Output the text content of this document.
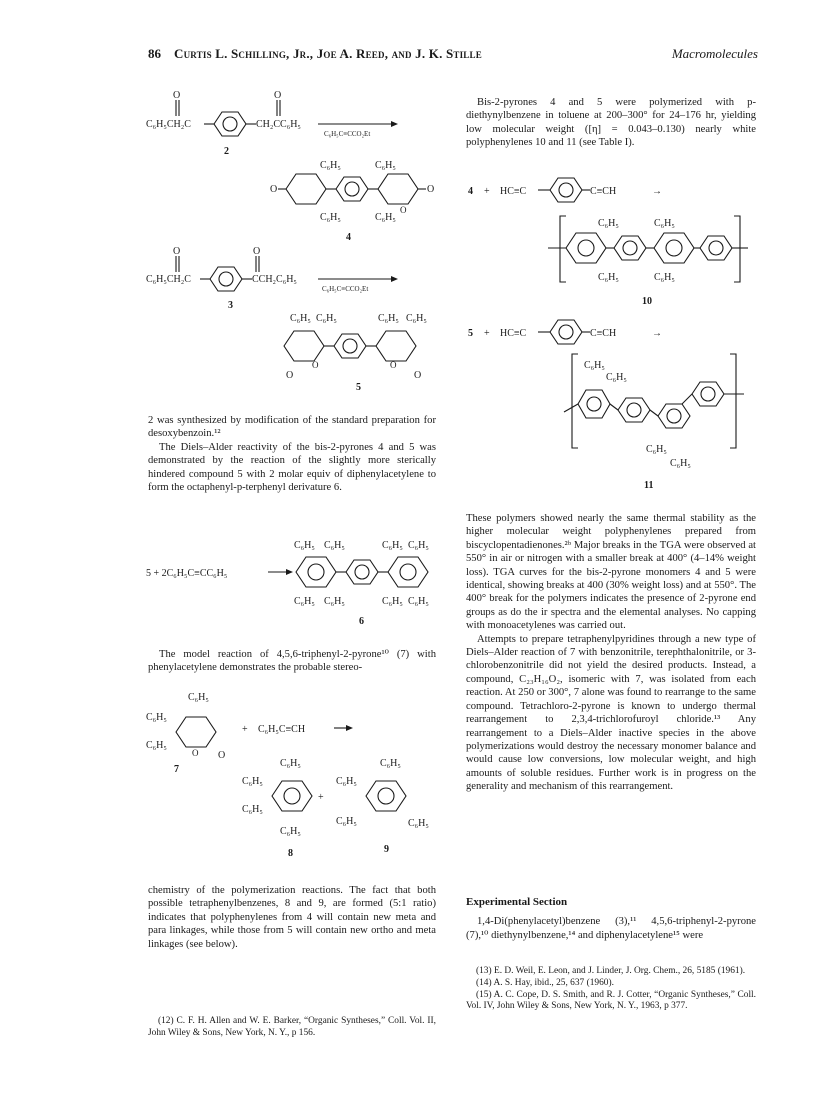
86 Curtis L. Schilling, Jr., Joe A. Reed, and J. K. Stille	Macromolecules
C₆H₅CH₂C
O
CH₂CC₆H₅
O
2
C₆H₅C≡CCO₂Et
C₆H₅	C₆H₅
O	O
O
C₆H₅	C₆H₅
4
C₆H₅CH₂C
O
CCH₂C₆H₅
O
3
C₆H₅C≡CCO₂Et
C₆H₅ C₆H₅	C₆H₅ C₆H₅
O	O
O	O
5

2 was synthesized by modification of the standard preparation for desoxybenzoin.¹²

The Diels–Alder reactivity of the bis-2-pyrones 4 and 5 was demonstrated by the reaction of the slightly more sterically hindered compound 5 with 2 molar equiv of diphenylacetylene to form the octaphenyl-p-terphenyl derivature 6.

5 + 2C₆H₅C≡CC₆H₅
C₆H₅ C₆H₅	C₆H₅ C₆H₅
C₆H₅ C₆H₅	C₆H₅ C₆H₅
6

The model reaction of 4,5,6-triphenyl-2-pyrone¹⁰ (7) with phenylacetylene demonstrates the probable stereo-

C₆H₅
C₆H₅
C₆H₅
O O
7
+ C₆H₅C≡CH
C₆H₅
C₆H₅
C₆H₅
C₆H₅
8
+
C₆H₅
C₆H₅
C₆H₅	C₆H₅
9

chemistry of the polymerization reactions. The fact that both possible tetraphenylbenzenes, 8 and 9, are formed (5:1 ratio) indicates that polyphenylenes from 4 will contain new meta and para linkages, while those from 5 will contain new ortho and meta linkages (see below).

(12) C. F. H. Allen and W. E. Barker, “Organic Syntheses,” Coll. Vol. II, John Wiley & Sons, New York, N. Y., p 156.

Bis-2-pyrones 4 and 5 were polymerized with p-diethynylbenzene in toluene at 200–300° for 24–176 hr, yielding low molecular weight ([η] = 0.043–0.130) nearly white polyphenylenes 10 and 11 (see Table I).

4 + HC≡C	C≡CH	→
C₆H₅	C₆H₅
C₆H₅	C₆H₅
10
5 + HC≡C	C≡CH	→
C₆H₅
C₆H₅
C₆H₅
C₆H₅
11

These polymers showed nearly the same thermal stability as the higher molecular weight polyphenylenes prepared from biscyclopentadienones.²ᵇ Major breaks in the TGA were observed at 550° in air or nitrogen with a smaller break at 400° (4–14% weight loss). TGA curves for the bis-2-pyrone monomers 4 and 5 were identical, showing breaks at 400 (30% weight loss) and at 550°. The 400° break for the polymers indicates the presence of 2-pyrone end groups as do the ir spectra and the elemental analyses. No capping with monoacetylenes was carried out.

Attempts to prepare tetraphenylpyridines through a new type of Diels–Alder reaction of 7 with benzonitrile, terephthalonitrile, or 3-chlorobenzonitrile did not yield the desired products. Instead, a compound, C₂₃H₁₆O₂, isomeric with 7, was isolated from each reaction. At 250 or 300°, 7 alone was found to rearrange to the same compound. Tetrachloro-2-pyrone is known to undergo thermal rearrangement to 2,3,4-trichlorofuroyl chloride.¹³ Any rearrangement to a Diels–Alder inactive species in the above polymerizations would destroy the necessary monomer balance and would cause low conversions, low molecular weight, and high amounts of soluble residues. Further work is in progress on the generality and mechanism of this rearrangement.

Experimental Section

1,4-Di(phenylacetyl)benzene (3),¹¹ 4,5,6-triphenyl-2-pyrone (7),¹⁰ diethynylbenzene,¹⁴ and diphenylacetylene¹⁵ were

(13) E. D. Weil, E. Leon, and J. Linder, J. Org. Chem., 26, 5185 (1961).

(14) A. S. Hay, ibid., 25, 637 (1960).

(15) A. C. Cope, D. S. Smith, and R. J. Cotter, “Organic Syntheses,” Coll. Vol. IV, John Wiley & Sons, New York, N. Y., 1963, p 377.
